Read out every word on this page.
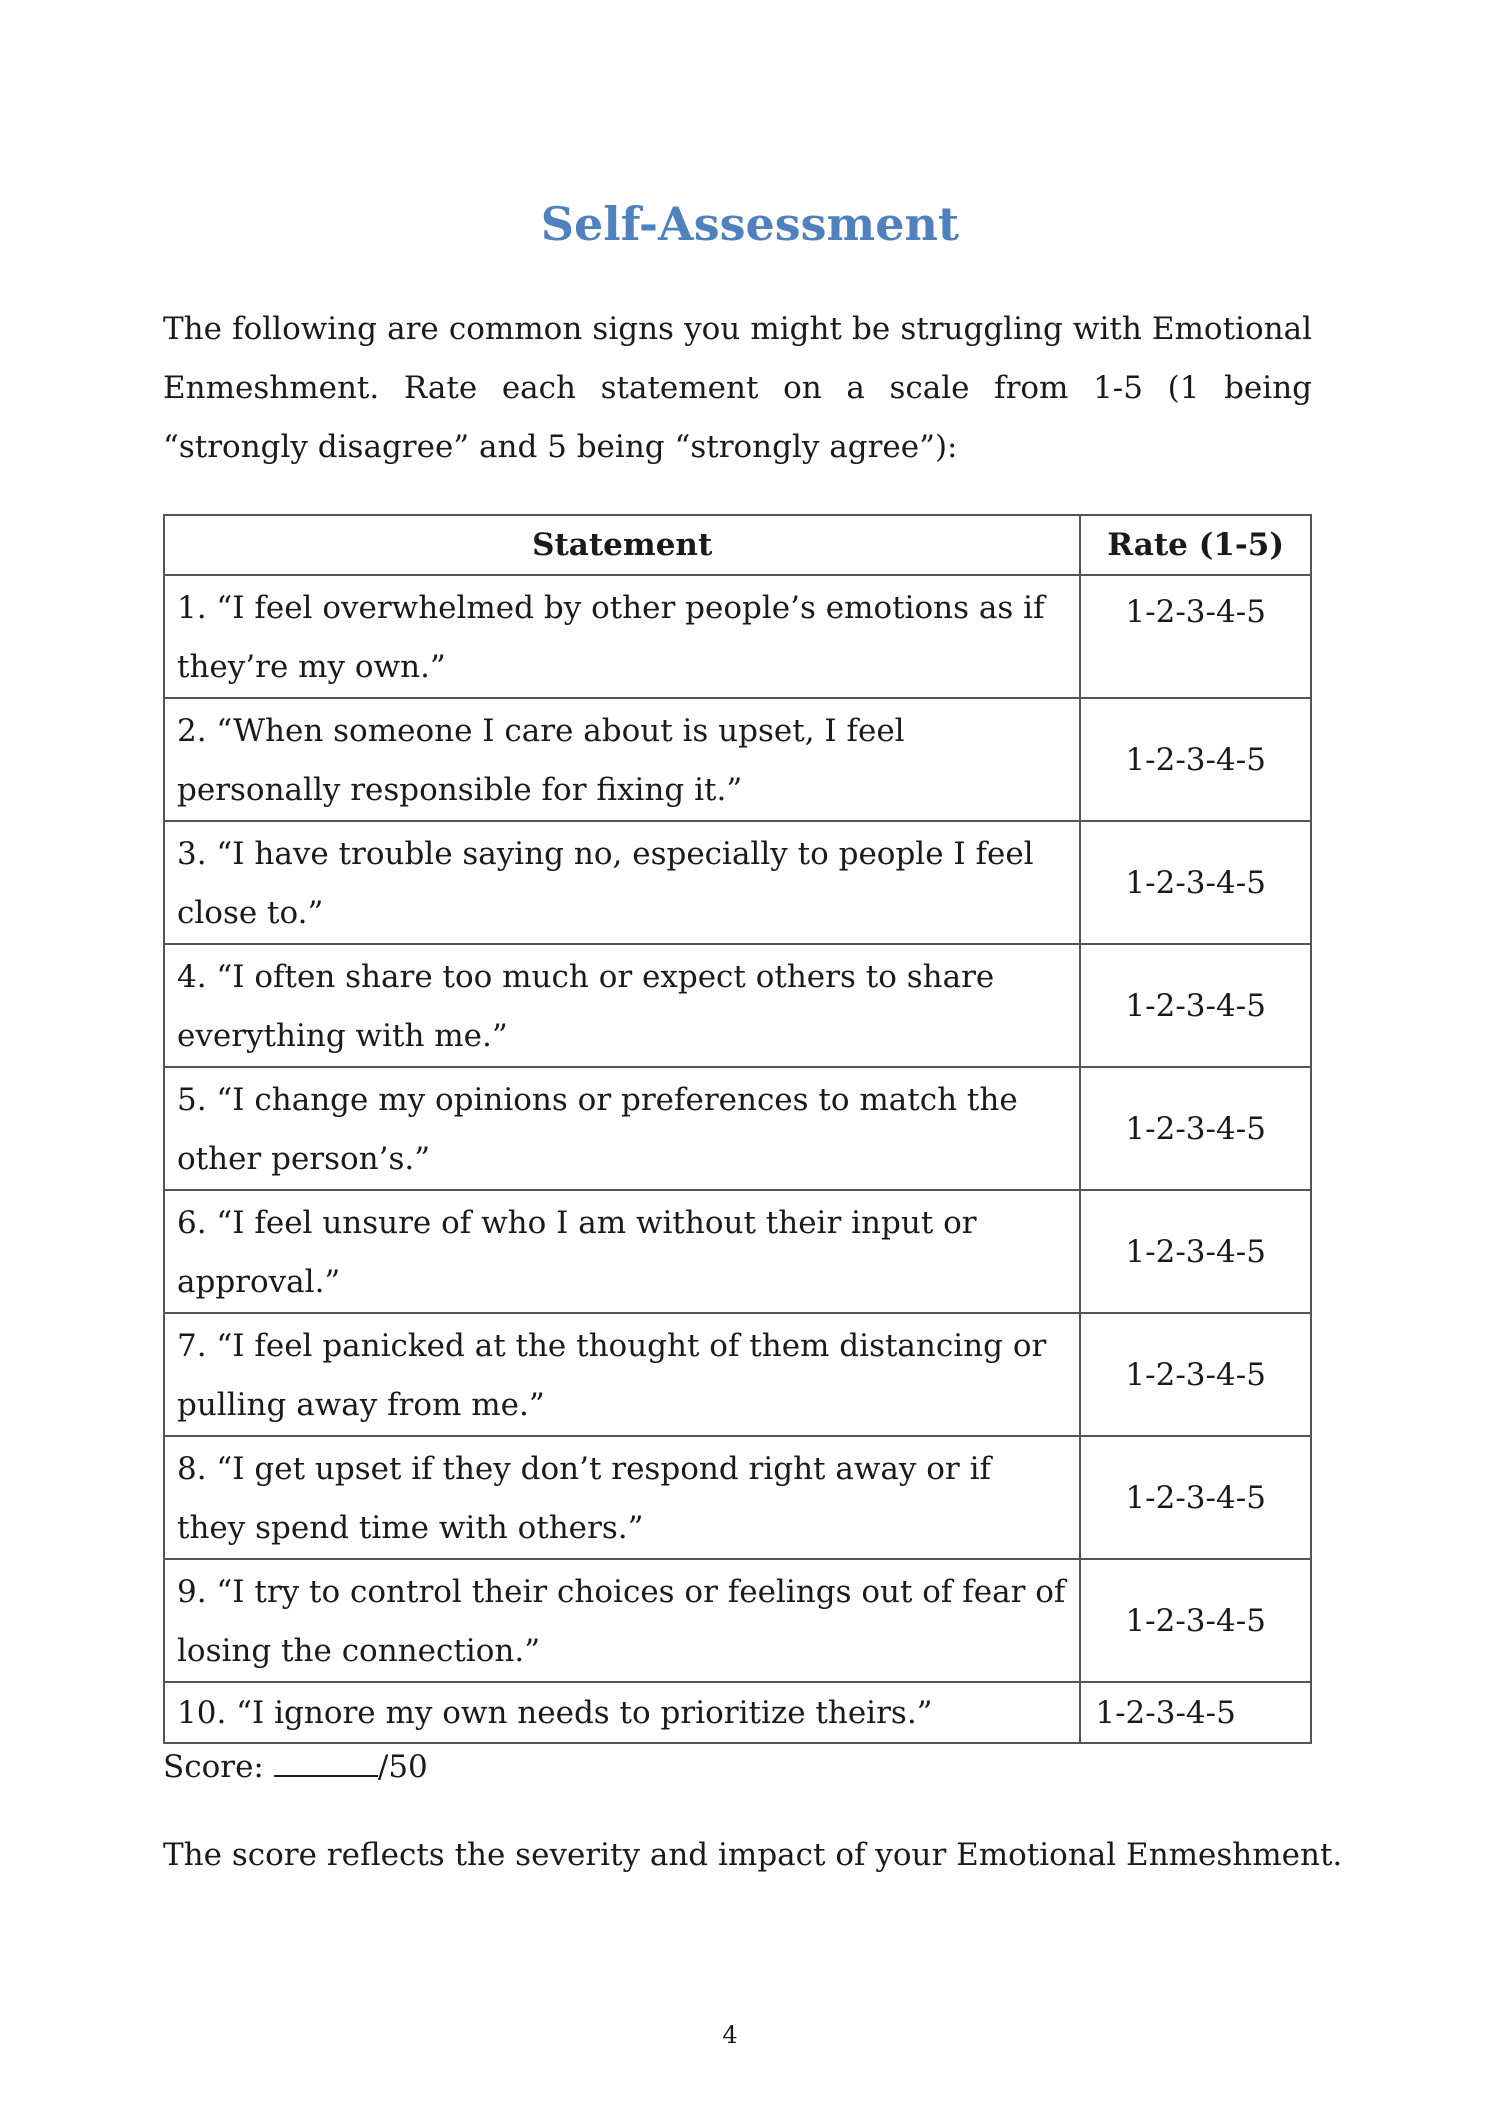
Self-Assessment

The following are common signs you might be struggling with Emotional Enmeshment. Rate each statement on a scale from 1-5 (1 being “strongly disagree” and 5 being “strongly agree”):

Statement	Rate (1-5)
1. “I feel overwhelmed by other people’s emotions as if they’re my own.”	1-2-3-4-5
2. “When someone I care about is upset, I feel personally responsible for fixing it.”	1-2-3-4-5
3. “I have trouble saying no, especially to people I feel close to.”	1-2-3-4-5
4. “I often share too much or expect others to share everything with me.”	1-2-3-4-5
5. “I change my opinions or preferences to match the other person’s.”	1-2-3-4-5
6. “I feel unsure of who I am without their input or approval.”	1-2-3-4-5
7. “I feel panicked at the thought of them distancing or pulling away from me.”	1-2-3-4-5
8. “I get upset if they don’t respond right away or if they spend time with others.”	1-2-3-4-5
9. “I try to control their choices or feelings out of fear of losing the connection.”	1-2-3-4-5
10. “I ignore my own needs to prioritize theirs.”	1-2-3-4-5
Score:	/50
The score reflects the severity and impact of your Emotional Enmeshment.
4
